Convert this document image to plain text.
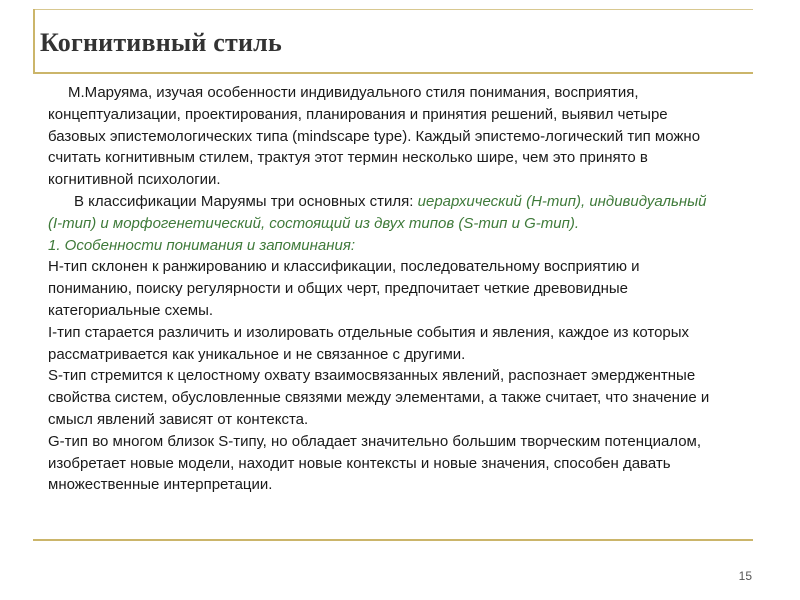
Когнитивный стиль

М.Маруяма, изучая особенности индивидуального стиля понимания, восприятия, концептуализации, проектирования, планирования и принятия решений, выявил четыре базовых эпистемологических типа (mindscape type). Каждый эпистемо-логический тип можно считать когнитивным стилем, трактуя этот термин несколько шире, чем это принято в когнитивной психологии.

В классификации Маруямы три основных стиля: иерархический (Н-тип), индивидуальный (I-тип) и морфогенетический, состоящий из двух типов (S-тип и G-тип).

1. Особенности понимания и запоминания:

Н-тип склонен к ранжированию и классификации, последовательному восприятию и пониманию, поиску регулярности и общих черт, предпочитает четкие древовидные категориальные схемы.

I-тип старается различить и изолировать отдельные события и явления, каждое из которых рассматривается как уникальное и не связанное с другими.

S-тип стремится к целостному охвату взаимосвязанных явлений, распознает эмерджентные свойства систем, обусловленные связями между элементами, а также считает, что значение и смысл явлений зависят от контекста.

G-тип во многом близок S-типу, но обладает значительно большим творческим потенциалом, изобретает новые модели, находит новые контексты и новые значения, способен давать множественные интерпретации.

15
